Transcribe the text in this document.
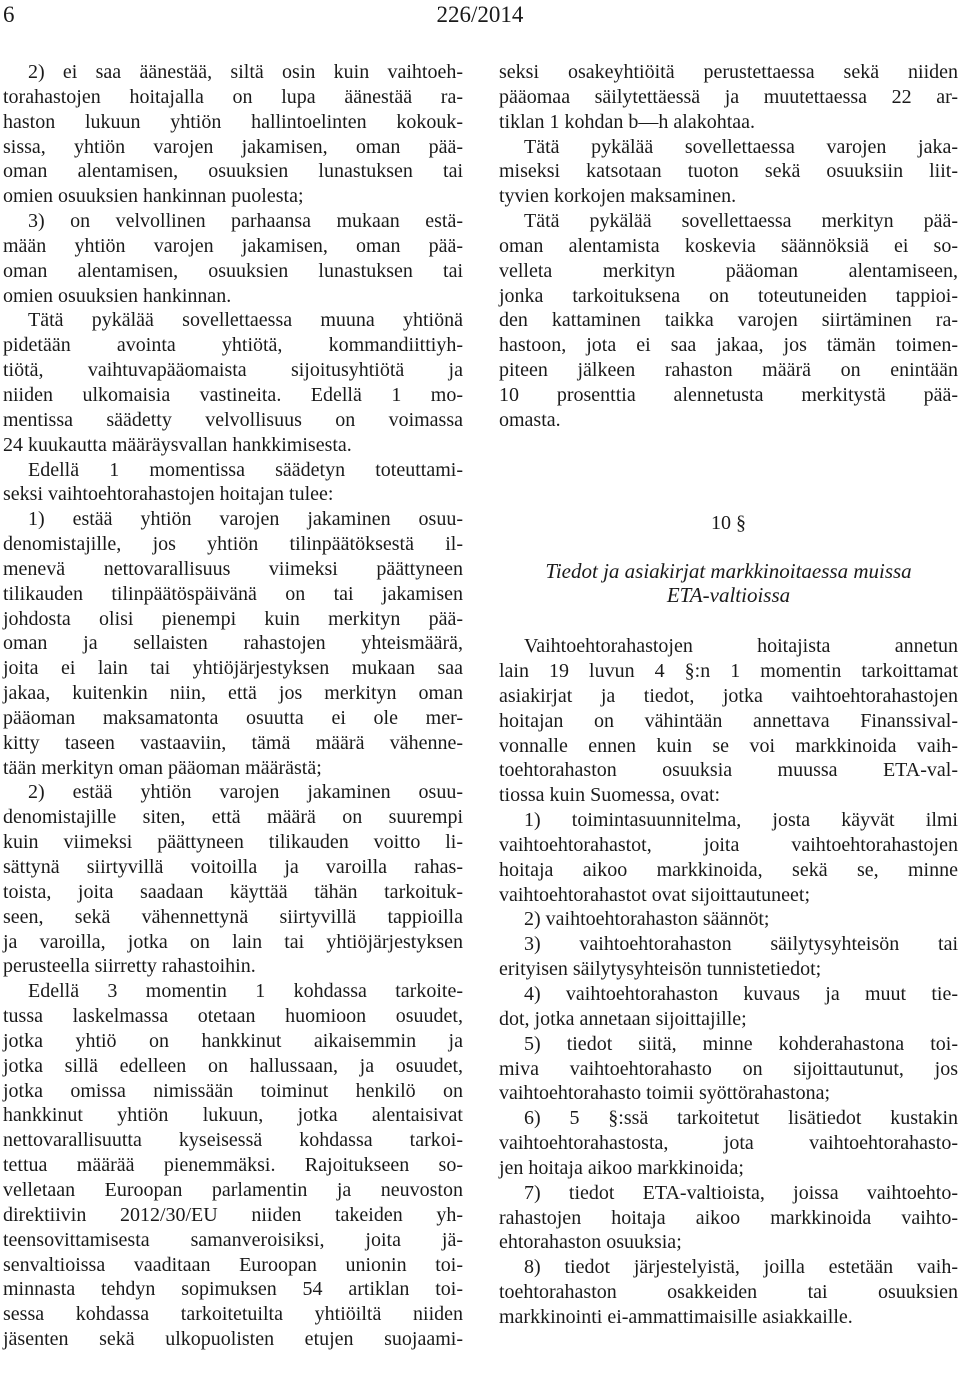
6	226/2014
2) ei saa äänestää, siltä osin kuin vaihtoeh-
torahastojen hoitajalla on lupa äänestää ra-
haston lukuun yhtiön hallintoelinten kokouk-
sissa, yhtiön varojen jakamisen, oman pää-
oman alentamisen, osuuksien lunastuksen tai
omien osuuksien hankinnan puolesta;
3) on velvollinen parhaansa mukaan estä-
mään yhtiön varojen jakamisen, oman pää-
oman alentamisen, osuuksien lunastuksen tai
omien osuuksien hankinnan.
Tätä pykälää sovellettaessa muuna yhtiönä
pidetään avointa yhtiötä, kommandiittiyh-
tiötä, vaihtuvapääomaista sijoitusyhtiötä ja
niiden ulkomaisia vastineita. Edellä 1 mo-
mentissa säädetty velvollisuus on voimassa
24 kuukautta määräysvallan hankkimisesta.
Edellä 1 momentissa säädetyn toteuttami-
seksi vaihtoehtorahastojen hoitajan tulee:
1) estää yhtiön varojen jakaminen osuu-
denomistajille, jos yhtiön tilinpäätöksestä il-
menevä nettovarallisuus viimeksi päättyneen
tilikauden tilinpäätöspäivänä on tai jakamisen
johdosta olisi pienempi kuin merkityn pää-
oman ja sellaisten rahastojen yhteismäärä,
joita ei lain tai yhtiöjärjestyksen mukaan saa
jakaa, kuitenkin niin, että jos merkityn oman
pääoman maksamatonta osuutta ei ole mer-
kitty taseen vastaaviin, tämä määrä vähenne-
tään merkityn oman pääoman määrästä;
2) estää yhtiön varojen jakaminen osuu-
denomistajille siten, että määrä on suurempi
kuin viimeksi päättyneen tilikauden voitto li-
sättynä siirtyvillä voitoilla ja varoilla rahas-
toista, joita saadaan käyttää tähän tarkoituk-
seen, sekä vähennettynä siirtyvillä tappioilla
ja varoilla, jotka on lain tai yhtiöjärjestyksen
perusteella siirretty rahastoihin.
Edellä 3 momentin 1 kohdassa tarkoite-
tussa laskelmassa otetaan huomioon osuudet,
jotka yhtiö on hankkinut aikaisemmin ja
jotka sillä edelleen on hallussaan, ja osuudet,
jotka omissa nimissään toiminut henkilö on
hankkinut yhtiön lukuun, jotka alentaisivat
nettovarallisuutta kyseisessä kohdassa tarkoi-
tettua määrää pienemmäksi. Rajoitukseen so-
velletaan Euroopan parlamentin ja neuvoston
direktiivin 2012/30/EU niiden takeiden yh-
teensovittamisesta samanveroisiksi, joita jä-
senvaltioissa vaaditaan Euroopan unionin toi-
minnasta tehdyn sopimuksen 54 artiklan toi-
sessa kohdassa tarkoitetuilta yhtiöiltä niiden
jäsenten sekä ulkopuolisten etujen suojaami-
seksi osakeyhtiöitä perustettaessa sekä niiden
pääomaa säilytettäessä ja muutettaessa 22 ar-
tiklan 1 kohdan b—h alakohtaa.
Tätä pykälää sovellettaessa varojen jaka-
miseksi katsotaan tuoton sekä osuuksiin liit-
tyvien korkojen maksaminen.
Tätä pykälää sovellettaessa merkityn pää-
oman alentamista koskevia säännöksiä ei so-
velleta merkityn pääoman alentamiseen,
jonka tarkoituksena on toteutuneiden tappioi-
den kattaminen taikka varojen siirtäminen ra-
hastoon, jota ei saa jakaa, jos tämän toimen-
piteen jälkeen rahaston määrä on enintään
10 prosenttia alennetusta merkitystä pää-
omasta.
10 §
Tiedot ja asiakirjat markkinoitaessa muissa
ETA-valtioissa
Vaihtoehtorahastojen hoitajista annetun
lain 19 luvun 4 §:n 1 momentin tarkoittamat
asiakirjat ja tiedot, jotka vaihtoehtorahastojen
hoitajan on vähintään annettava Finanssival-
vonnalle ennen kuin se voi markkinoida vaih-
toehtorahaston osuuksia muussa ETA-val-
tiossa kuin Suomessa, ovat:
1) toimintasuunnitelma, josta käyvät ilmi
vaihtoehtorahastot, joita vaihtoehtorahastojen
hoitaja aikoo markkinoida, sekä se, minne
vaihtoehtorahastot ovat sijoittautuneet;
2) vaihtoehtorahaston säännöt;
3) vaihtoehtorahaston säilytysyhteisön tai
erityisen säilytysyhteisön tunnistetiedot;
4) vaihtoehtorahaston kuvaus ja muut tie-
dot, jotka annetaan sijoittajille;
5) tiedot siitä, minne kohderahastona toi-
miva vaihtoehtorahasto on sijoittautunut, jos
vaihtoehtorahasto toimii syöttörahastona;
6) 5 §:ssä tarkoitetut lisätiedot kustakin
vaihtoehtorahastosta, jota vaihtoehtorahasto-
jen hoitaja aikoo markkinoida;
7) tiedot ETA-valtioista, joissa vaihtoehto-
rahastojen hoitaja aikoo markkinoida vaihto-
ehtorahaston osuuksia;
8) tiedot järjestelyistä, joilla estetään vaih-
toehtorahaston osakkeiden tai osuuksien
markkinointi ei-ammattimaisille asiakkaille.
